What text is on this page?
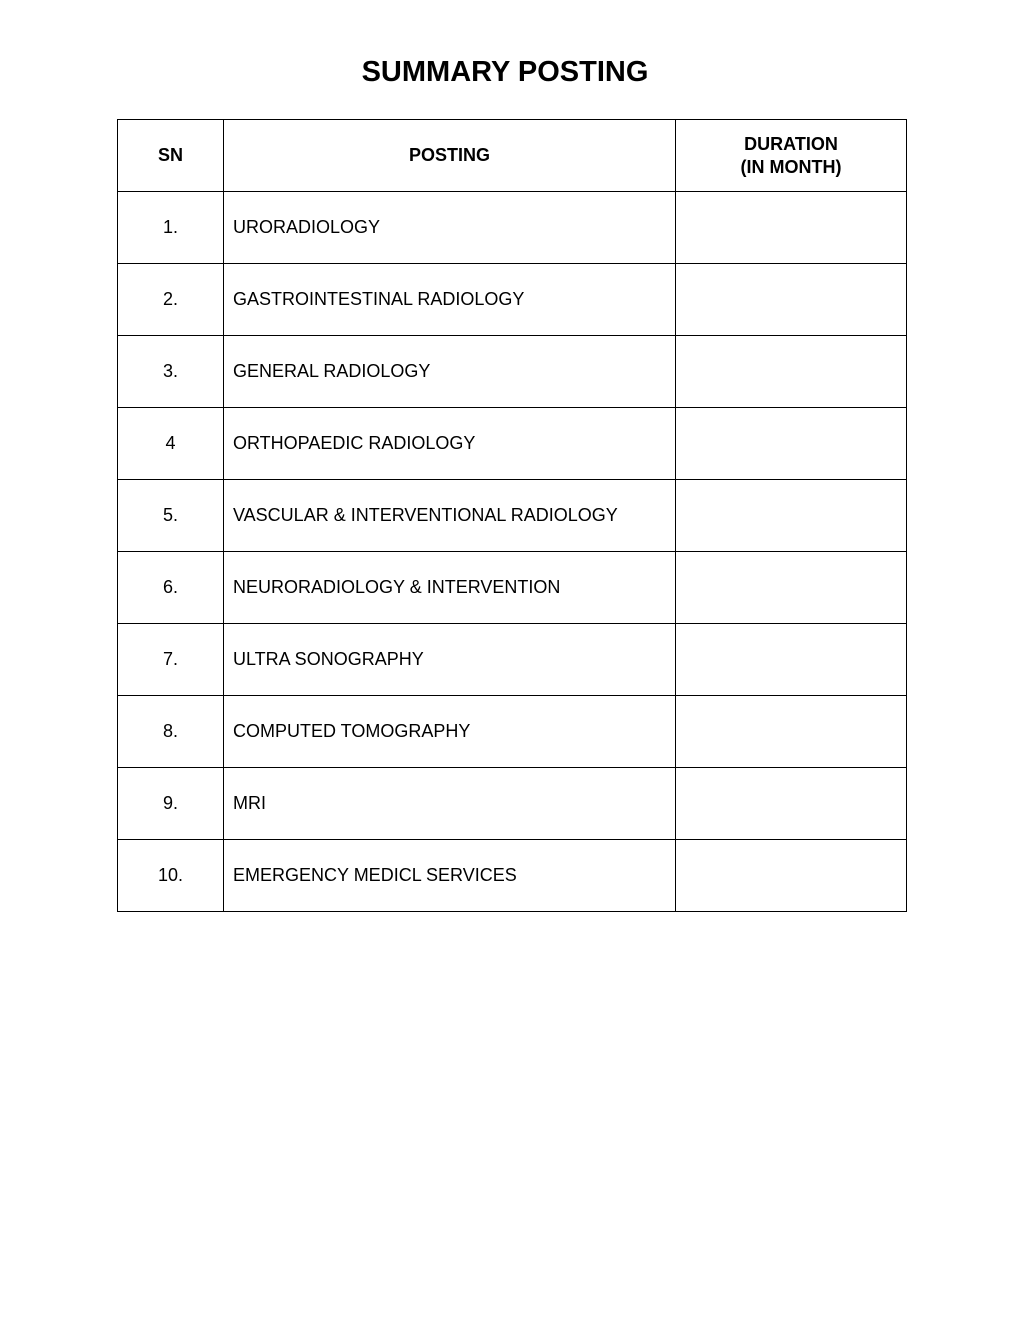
SUMMARY POSTING
SN	POSTING	DURATION
(IN MONTH)

1.	URORADIOLOGY	
2.	GASTROINTESTINAL RADIOLOGY	
3.	GENERAL RADIOLOGY	
4	ORTHOPAEDIC RADIOLOGY	
5.	VASCULAR & INTERVENTIONAL RADIOLOGY	
6.	NEURORADIOLOGY & INTERVENTION	
7.	ULTRA SONOGRAPHY	
8.	COMPUTED TOMOGRAPHY	
9.	MRI	
10.	EMERGENCY MEDICL SERVICES	
